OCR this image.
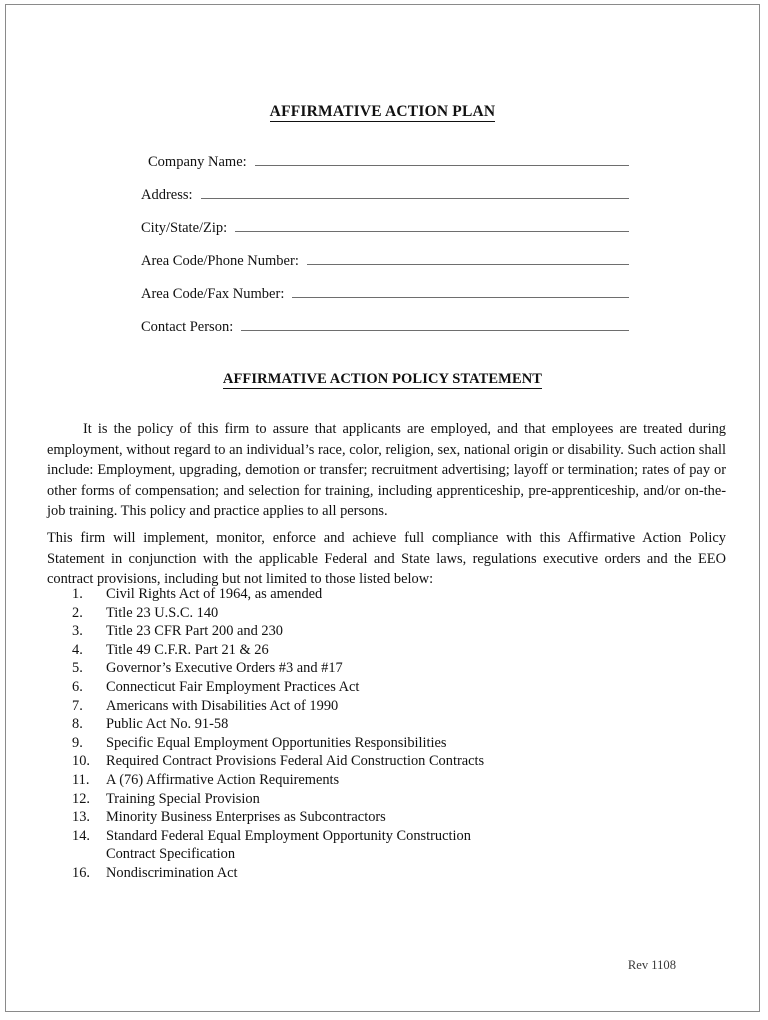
AFFIRMATIVE ACTION PLAN
Company Name:
Address:
City/State/Zip:
Area Code/Phone Number:
Area Code/Fax Number:
Contact Person:
AFFIRMATIVE ACTION POLICY STATEMENT

It is the policy of this firm to assure that applicants are employed, and that employees are treated during employment, without regard to an individual’s race, color, religion, sex, national origin or disability. Such action shall include: Employment, upgrading, demotion or transfer; recruitment advertising; layoff or termination; rates of pay or other forms of compensation; and selection for training, including apprenticeship, pre-apprenticeship, and/or on-the-job training. This policy and practice applies to all persons.

This firm will implement, monitor, enforce and achieve full compliance with this Affirmative Action Policy Statement in conjunction with the applicable Federal and State laws, regulations executive orders and the EEO contract provisions, including but not limited to those listed below:

1.	Civil Rights Act of 1964, as amended
2.	Title 23 U.S.C. 140
3.	Title 23 CFR Part 200 and 230
4.	Title 49 C.F.R. Part 21 & 26
5.	Governor’s Executive Orders #3 and #17
6.	Connecticut Fair Employment Practices Act
7.	Americans with Disabilities Act of 1990
8.	Public Act No. 91-58
9.	Specific Equal Employment Opportunities Responsibilities
10.	Required Contract Provisions Federal Aid Construction Contracts
11.	A (76) Affirmative Action Requirements
12.	Training Special Provision
13.	Minority Business Enterprises as Subcontractors
14.	Standard Federal Equal Employment Opportunity Construction
Contract Specification
16.	Nondiscrimination Act
Rev 1108
